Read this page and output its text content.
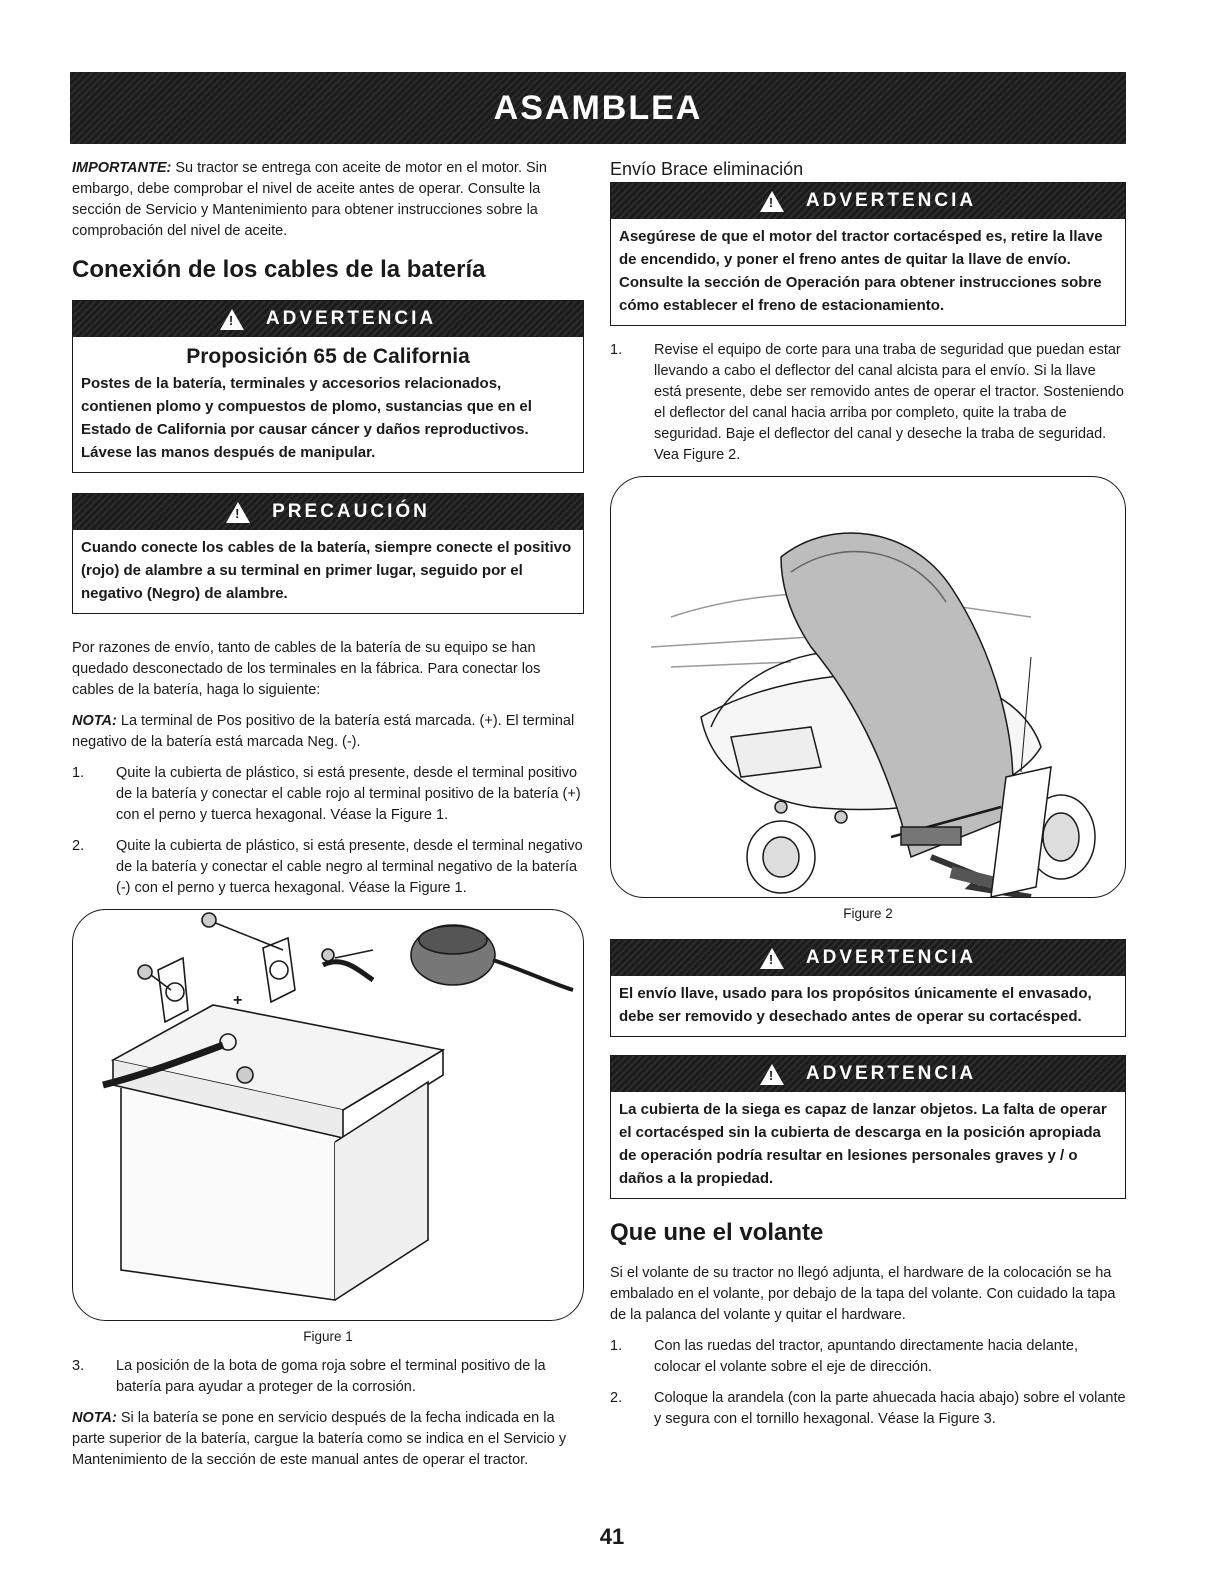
ASAMBLEA

IMPORTANTE: Su tractor se entrega con aceite de motor en el motor. Sin embargo, debe comprobar el nivel de aceite antes de operar. Consulte la sección de Servicio y Mantenimiento para obtener instrucciones sobre la comprobación del nivel de aceite.

Conexión de los cables de la batería
! ADVERTENCIA
Proposición 65 de California
Postes de la batería, terminales y accesorios relacionados, contienen plomo y compuestos de plomo, sustancias que en el Estado de California por causar cáncer y daños reproductivos. Lávese las manos después de manipular.
! PRECAUCIÓN
Cuando conecte los cables de la batería, siempre conecte el positivo (rojo) de alambre a su terminal en primer lugar, seguido por el negativo (Negro) de alambre.

Por razones de envío, tanto de cables de la batería de su equipo se han quedado desconectado de los terminales en la fábrica. Para conectar los cables de la batería, haga lo siguiente:

NOTA: La terminal de Pos positivo de la batería está marcada. (+). El terminal negativo de la batería está marcada Neg. (-).

1.	Quite la cubierta de plástico, si está presente, desde el terminal positivo de la batería y conectar el cable rojo al terminal positivo de la batería (+) con el perno y tuerca hexagonal. Véase la Figure 1.
2.	Quite la cubierta de plástico, si está presente, desde el terminal negativo de la batería y conectar el cable negro al terminal negativo de la batería (-) con el perno y tuerca hexagonal. Véase la Figure 1.
+
Figure 1
3.	La posición de la bota de goma roja sobre el terminal positivo de la batería para ayudar a proteger de la corrosión.

NOTA: Si la batería se pone en servicio después de la fecha indicada en la parte superior de la batería, cargue la batería como se indica en el Servicio y Mantenimiento de la sección de este manual antes de operar el tractor.

Envío Brace eliminación
! ADVERTENCIA
Asegúrese de que el motor del tractor cortacésped es, retire la llave de encendido, y poner el freno antes de quitar la llave de envío. Consulte la sección de Operación para obtener instrucciones sobre cómo establecer el freno de estacionamiento.
1.	Revise el equipo de corte para una traba de seguridad que puedan estar llevando a cabo el deflector del canal alcista para el envío. Si la llave está presente, debe ser removido antes de operar el tractor. Sosteniendo el deflector del canal hacia arriba por completo, quite la traba de seguridad. Baje el deflector del canal y deseche la traba de seguridad. Vea Figure 2.
Figure 2
! ADVERTENCIA
El envío llave, usado para los propósitos únicamente el envasado, debe ser removido y desechado antes de operar su cortacésped.
! ADVERTENCIA
La cubierta de la siega es capaz de lanzar objetos. La falta de operar el cortacésped sin la cubierta de descarga en la posición apropiada de operación podría resultar en lesiones personales graves y / o daños a la propiedad.
Que une el volante

Si el volante de su tractor no llegó adjunta, el hardware de la colocación se ha embalado en el volante, por debajo de la tapa del volante. Con cuidado la tapa de la palanca del volante y quitar el hardware.

1.	Con las ruedas del tractor, apuntando directamente hacia delante, colocar el volante sobre el eje de dirección.
2.	Coloque la arandela (con la parte ahuecada hacia abajo) sobre el volante y segura con el tornillo hexagonal. Véase la Figure 3.
41
